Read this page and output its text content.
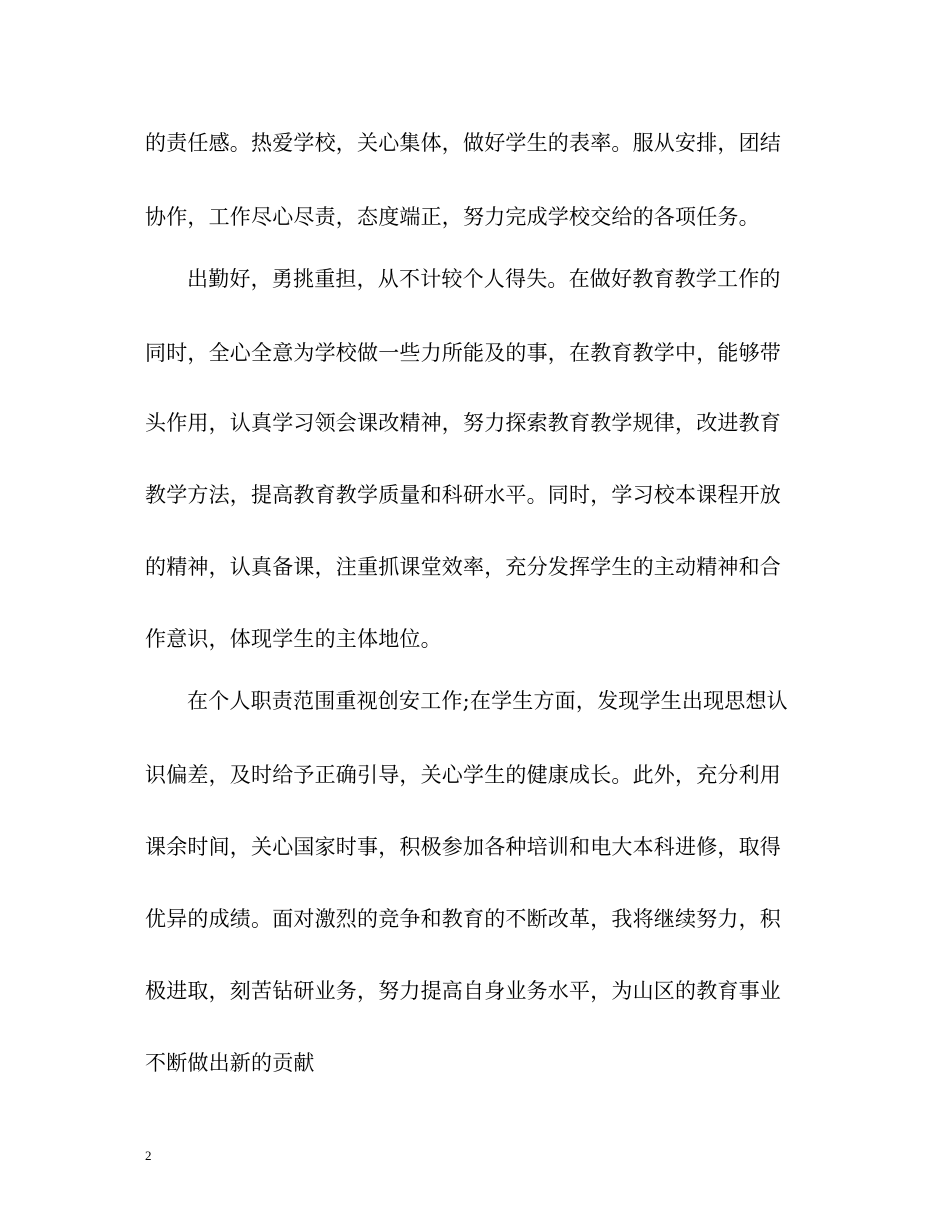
的责任感。热爱学校，关心集体，做好学生的表率。服从安排，团结
协作，工作尽心尽责，态度端正，努力完成学校交给的各项任务。
出勤好，勇挑重担，从不计较个人得失。在做好教育教学工作的
同时，全心全意为学校做一些力所能及的事，在教育教学中，能够带
头作用，认真学习领会课改精神，努力探索教育教学规律，改进教育
教学方法，提高教育教学质量和科研水平。同时，学习校本课程开放
的精神，认真备课，注重抓课堂效率，充分发挥学生的主动精神和合
作意识，体现学生的主体地位。
在个人职责范围重视创安工作;在学生方面，发现学生出现思想认
识偏差，及时给予正确引导，关心学生的健康成长。此外，充分利用
课余时间，关心国家时事，积极参加各种培训和电大本科进修，取得
优异的成绩。面对激烈的竞争和教育的不断改革，我将继续努力，积
极进取，刻苦钻研业务，努力提高自身业务水平，为山区的教育事业
不断做出新的贡献
2
